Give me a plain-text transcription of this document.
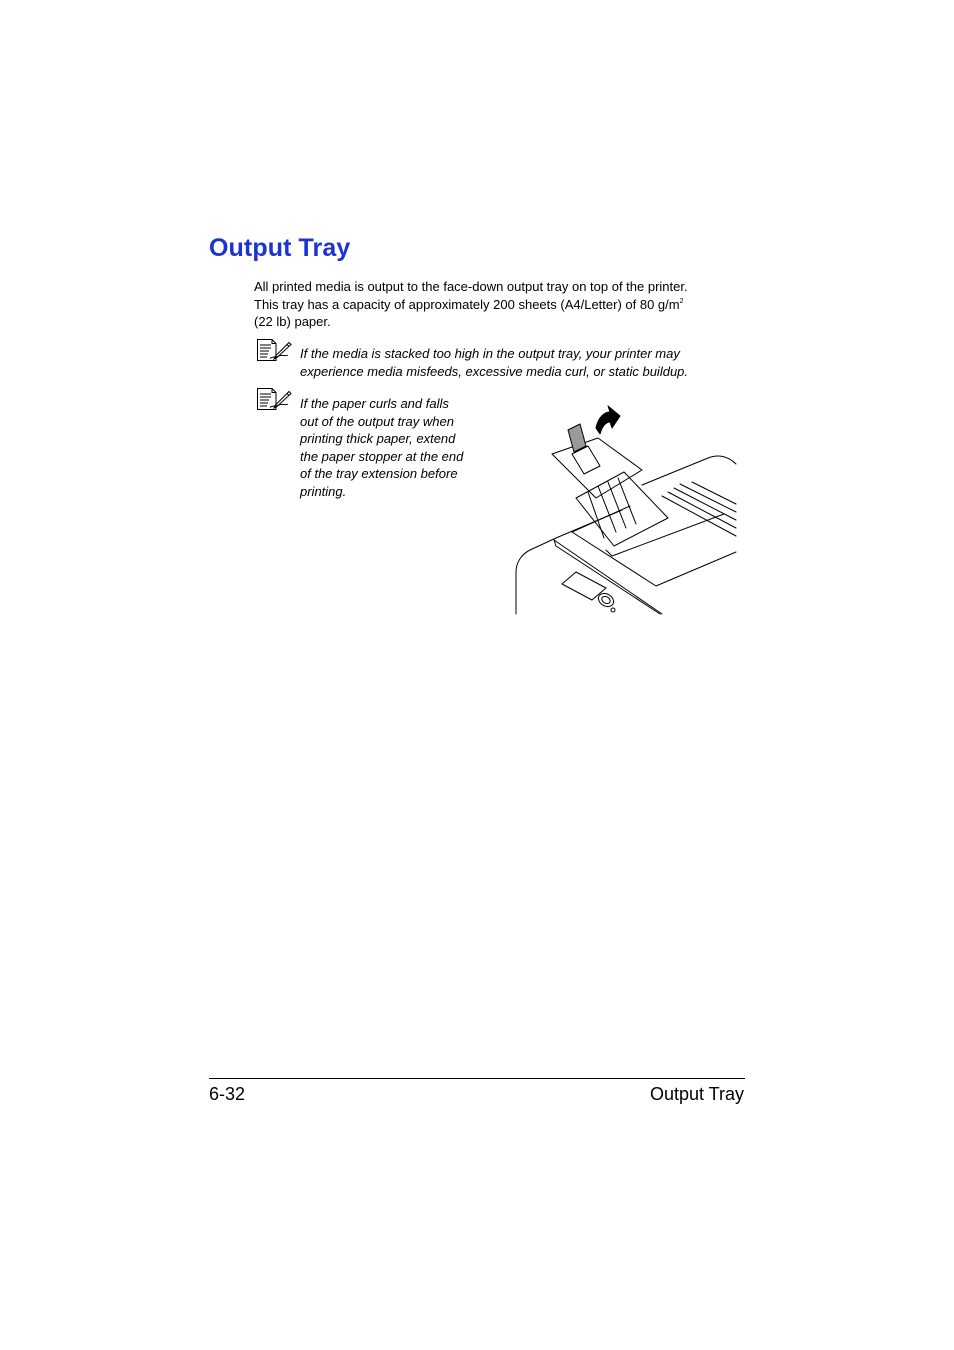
Output Tray

All printed media is output to the face-down output tray on top of the printer.
This tray has a capacity of approximately 200 sheets (A4/Letter) of 80 $g/m^2$
(22 lb) paper.

If the media is stacked too high in the output tray, your printer may
experience media misfeeds, excessive media curl, or static buildup.

If the paper curls and falls
out of the output tray when
printing thick paper, extend
the paper stopper at the end
of the tray extension before
printing.

6-32	Output Tray
